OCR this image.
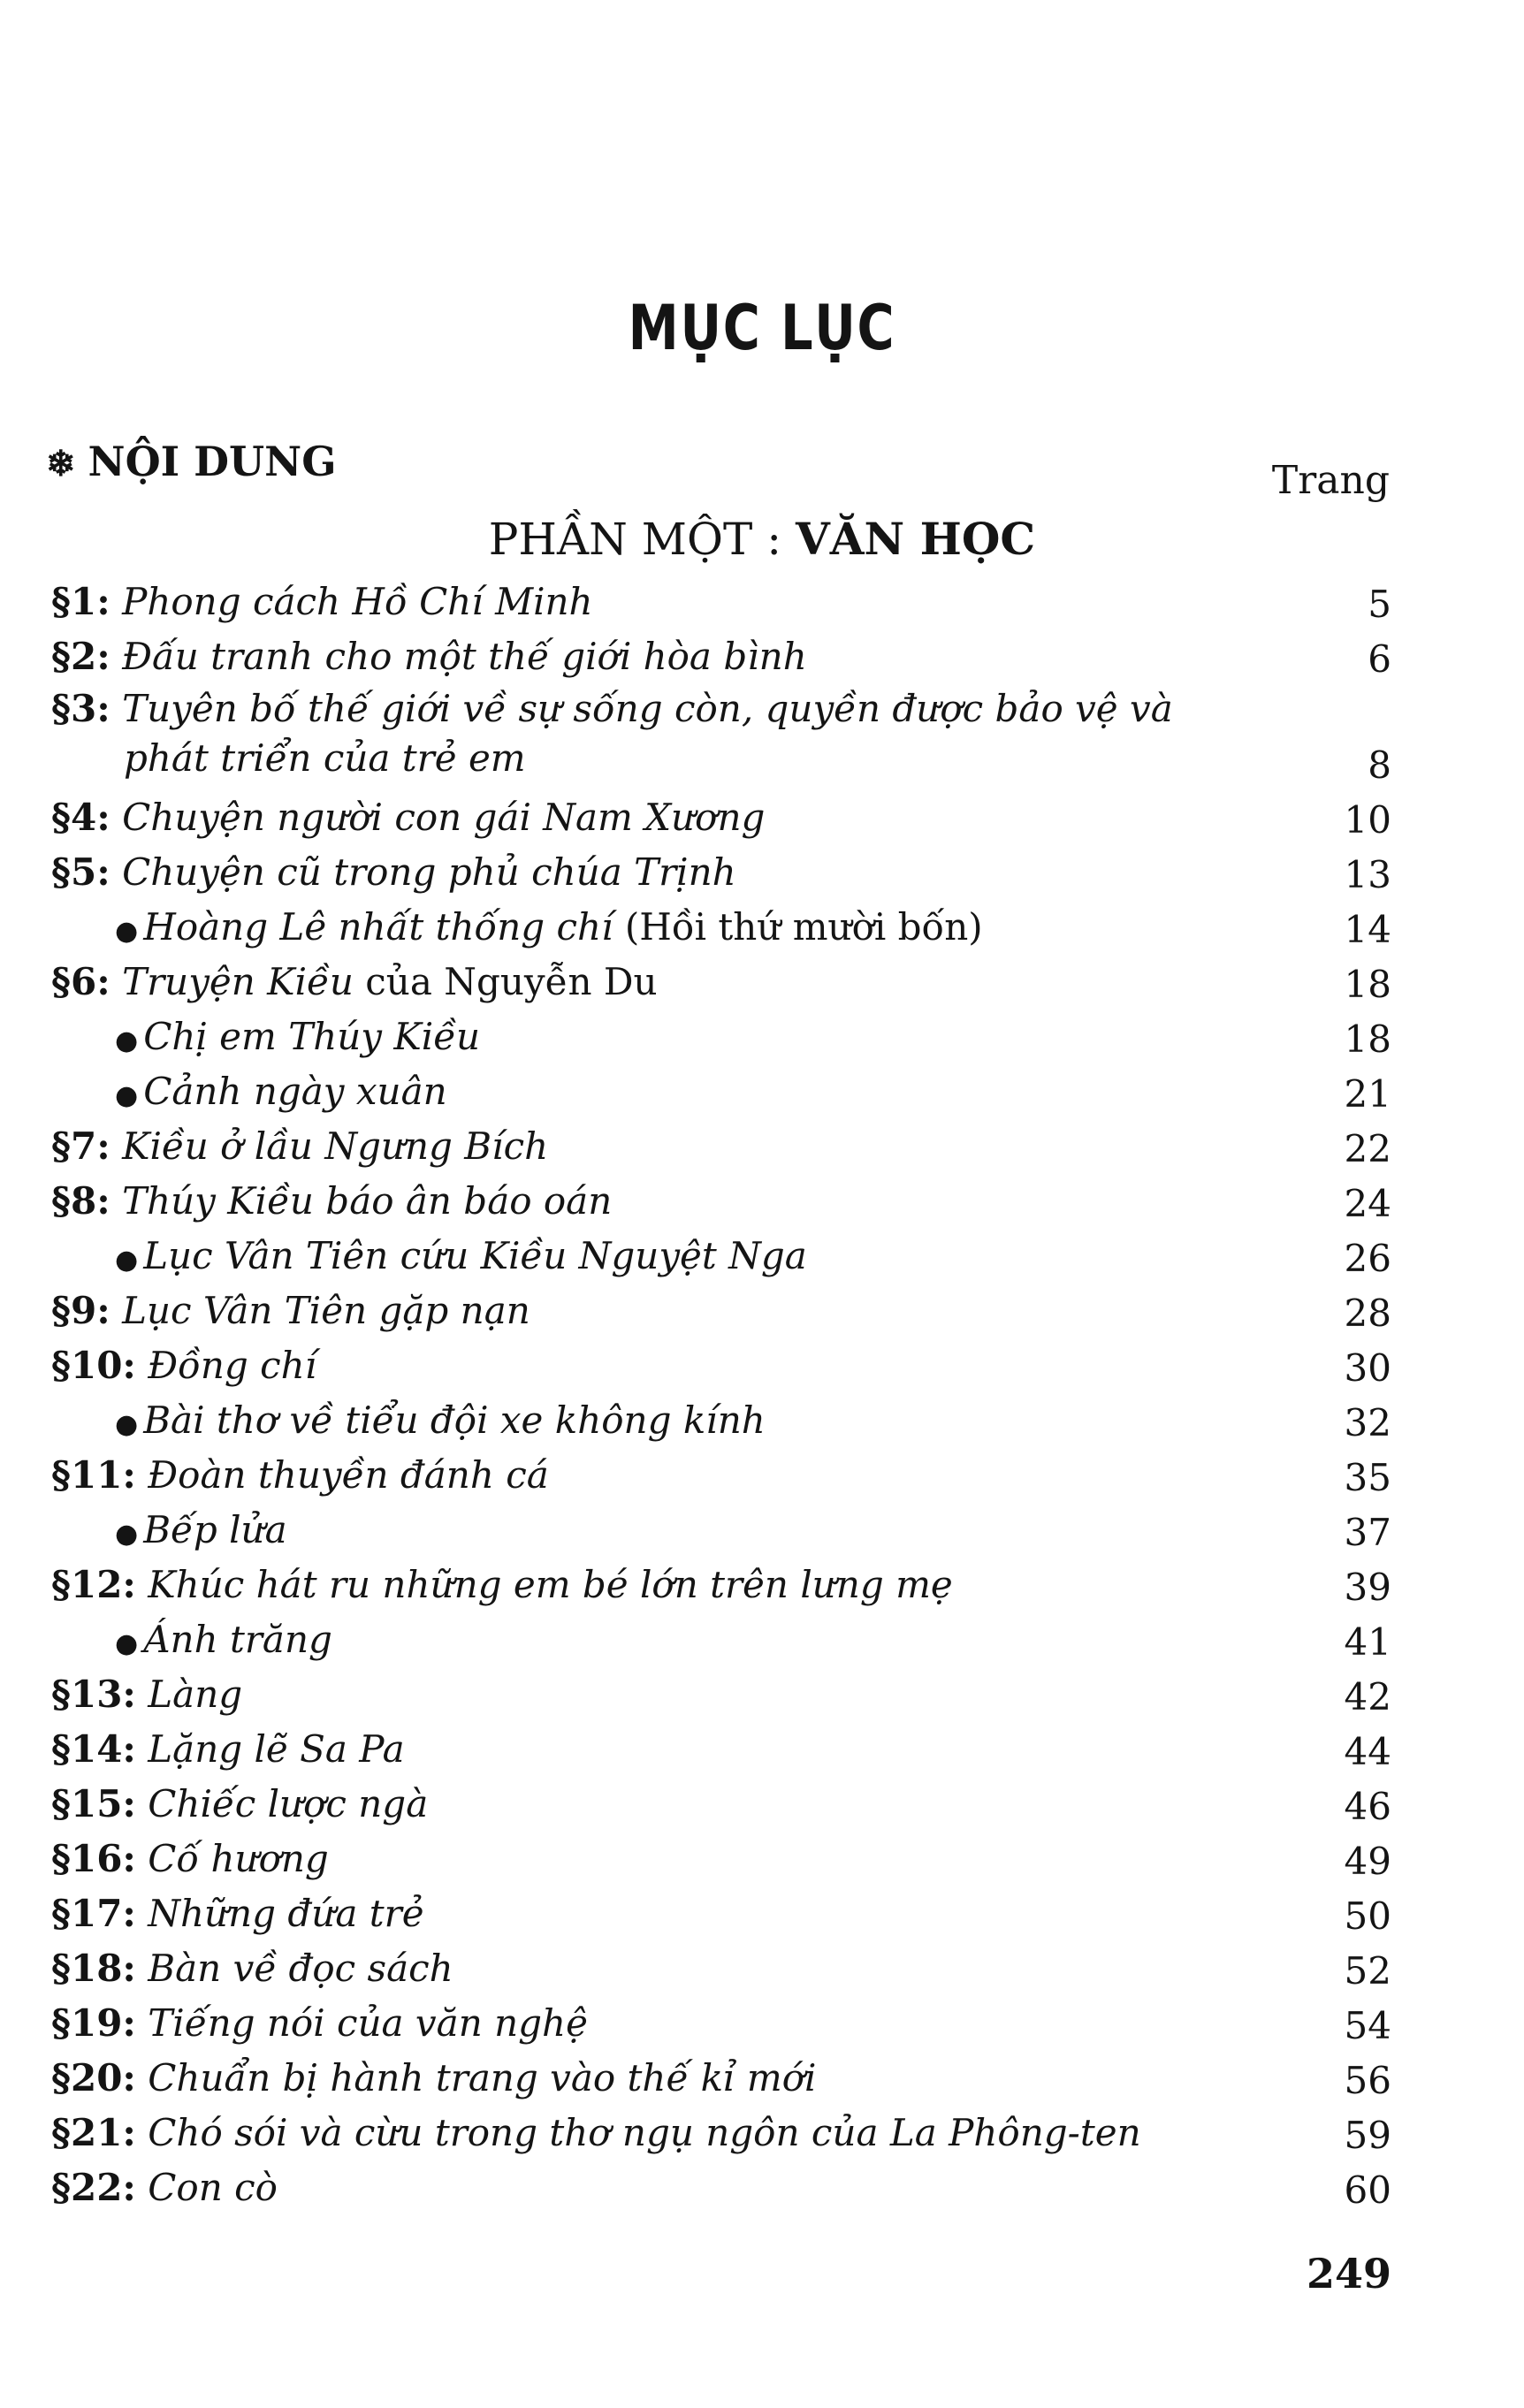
MỤC LỤC
❄ NỘI DUNG	Trang
PHẦN MỘT : VĂN HỌC
§1: Phong cách Hồ Chí Minh	5
§2: Đấu tranh cho một thế giới hòa bình	6
§3: Tuyên bố thế giới về sự sống còn, quyền được bảo vệ và
phát triển của trẻ em	8
§4: Chuyện người con gái Nam Xương	10
§5: Chuyện cũ trong phủ chúa Trịnh	13
● Hoàng Lê nhất thống chí (Hồi thứ mười bốn)	14
§6: Truyện Kiều của Nguyễn Du	18
● Chị em Thúy Kiều	18
● Cảnh ngày xuân	21
§7: Kiều ở lầu Ngưng Bích	22
§8: Thúy Kiều báo ân báo oán	24
● Lục Vân Tiên cứu Kiều Nguyệt Nga	26
§9: Lục Vân Tiên gặp nạn	28
§10: Đồng chí	30
● Bài thơ về tiểu đội xe không kính	32
§11: Đoàn thuyền đánh cá	35
● Bếp lửa	37
§12: Khúc hát ru những em bé lớn trên lưng mẹ	39
● Ánh trăng	41
§13: Làng	42
§14: Lặng lẽ Sa Pa	44
§15: Chiếc lược ngà	46
§16: Cố hương	49
§17: Những đứa trẻ	50
§18: Bàn về đọc sách	52
§19: Tiếng nói của văn nghệ	54
§20: Chuẩn bị hành trang vào thế kỉ mới	56
§21: Chó sói và cừu trong thơ ngụ ngôn của La Phông-ten	59
§22: Con cò	60
249
